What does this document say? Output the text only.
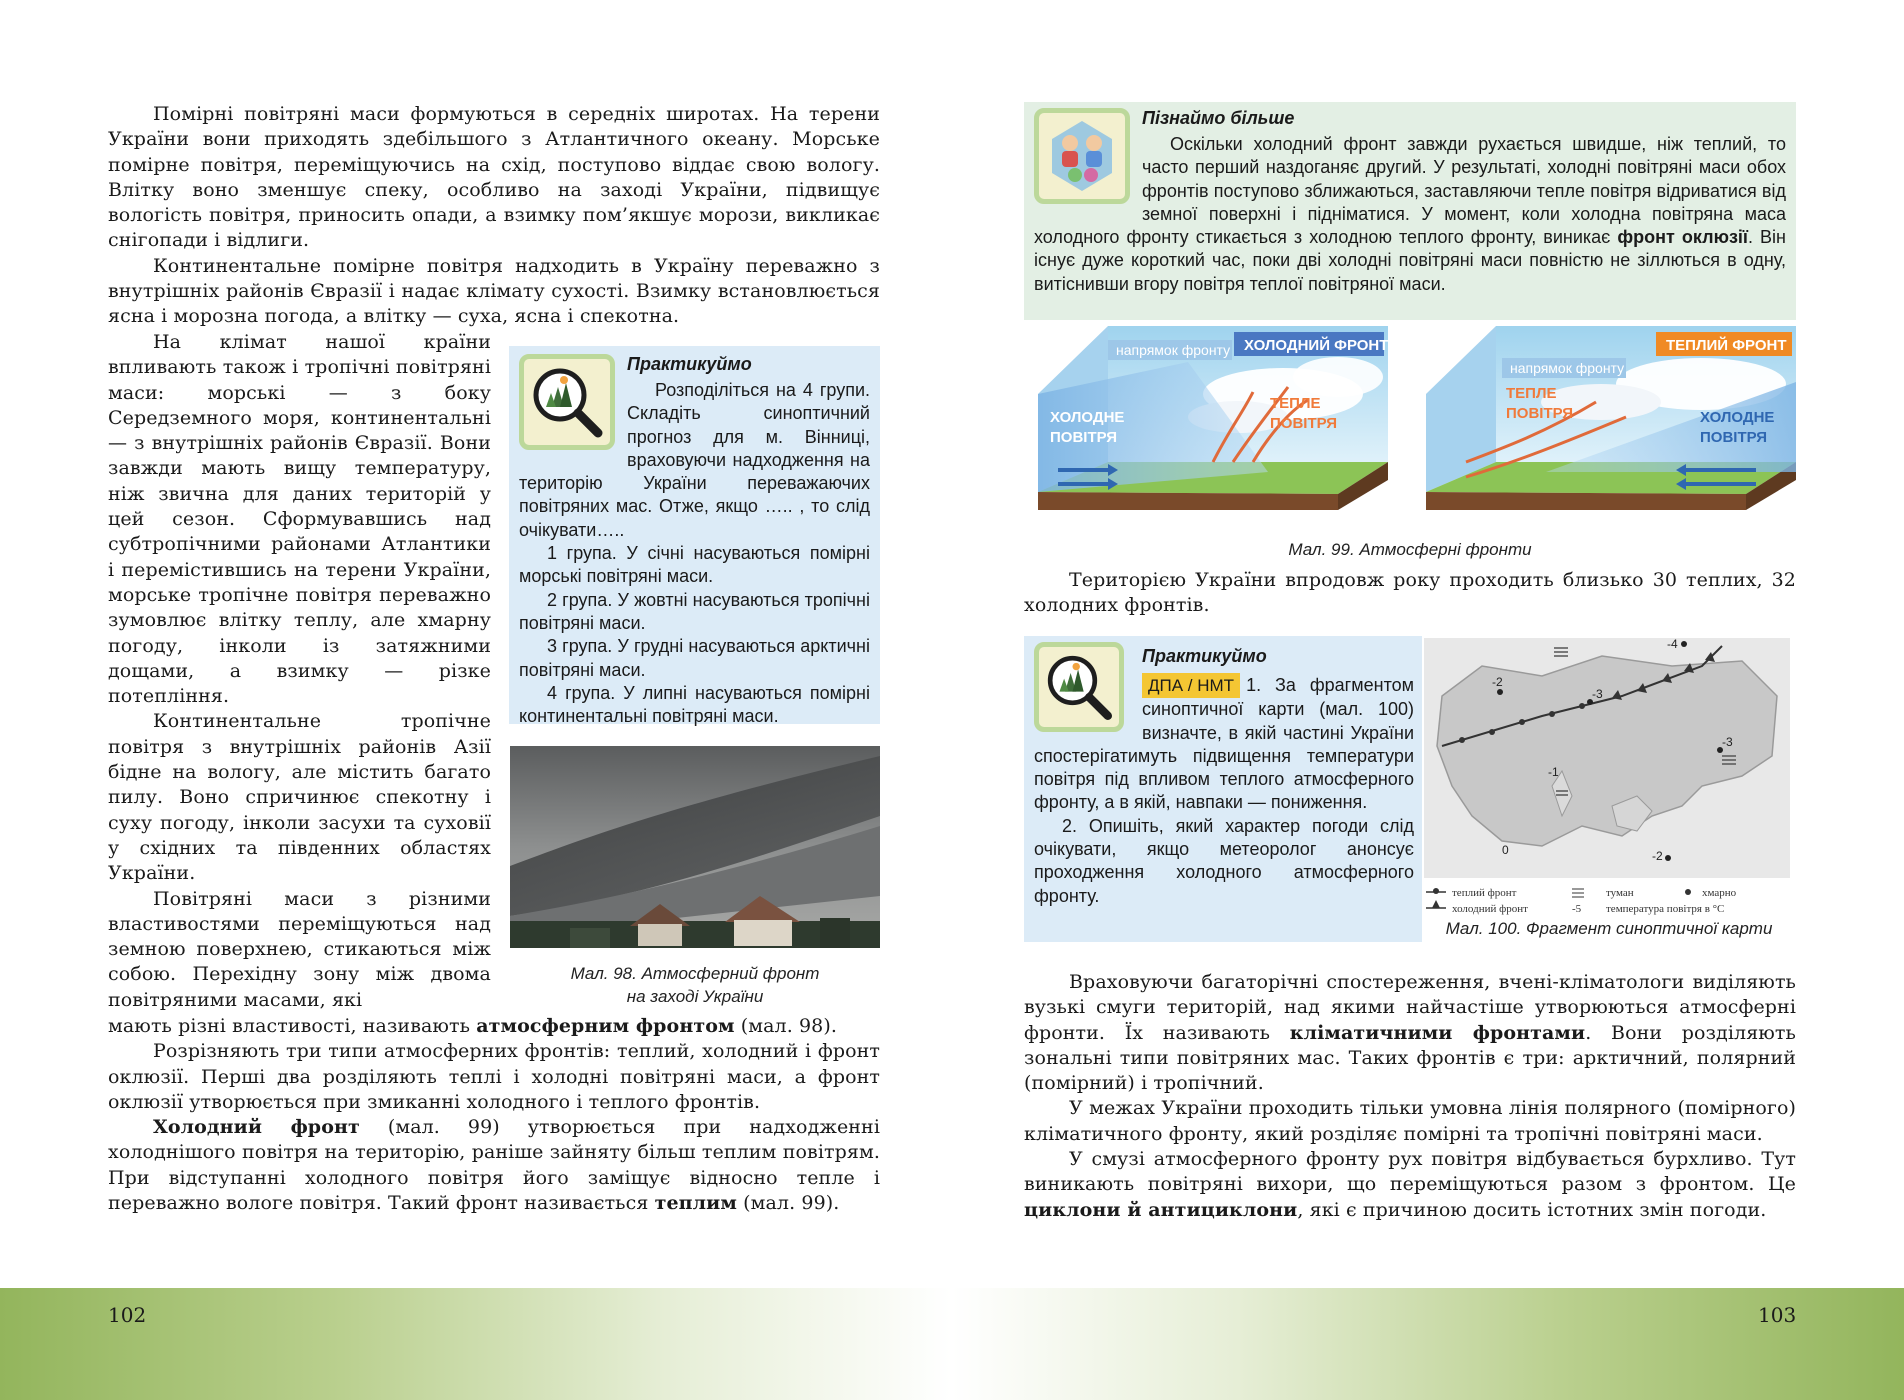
Помірні повітряні маси формуються в середніх широтах. На терени України вони приходять здебільшого з Атлантичного океану. Морське помірне повітря, переміщуючись на схід, поступово віддає свою вологу. Влітку воно зменшує спеку, особливо на заході України, підвищує вологість повітря, приносить опади, а взимку пом’якшує морози, викликає снігопади і відлиги.

Континентальне помірне повітря надходить в Україну переважно з внутрішніх районів Євразії і надає клімату сухості. Взимку встановлюється ясна і морозна погода, а влітку — суха, ясна і спекотна.

На клімат нашої країни впливають також і тропічні повітряні маси: морські — з боку Середземного моря, континентальні — з внутрішніх районів Євразії. Вони завжди мають вищу температуру, ніж звична для даних територій у цей сезон. Сформувавшись над субтропічними районами Атлантики і перемістившись на терени України, морське тропічне повітря переважно зумовлює влітку теплу, але хмарну погоду, інколи із затяжними дощами, а взимку — різке потепління.

Континентальне тропічне повітря з внутрішніх районів Азії бідне на вологу, але містить багато пилу. Воно спричинює спекотну і суху погоду, інколи засухи та суховії у східних та південних областях України.

Повітряні маси з різними властивостями переміщуються над земною поверхнею, стикаються між собою. Перехідну зону між двома повітряними масами, які

Практикуймо
Розподіліться на 4 групи. Складіть синоптичний прогноз для м. Вінниці, враховуючи надходження на територію України переважаючих повітряних мас. Отже, якщо ….. , то слід очікувати…..
1 група. У січні насуваються помірні морські повітряні маси.
2 група. У жовтні насуваються тропічні повітряні маси.
3 група. У грудні насуваються арктичні повітряні маси.
4 група. У липні насуваються помірні континентальні повітряні маси.
Мал. 98. Атмосферний фронт
на заході України

мають різні властивості, називають атмосферним фронтом (мал. 98).

Розрізняють три типи атмосферних фронтів: теплий, холодний і фронт оклюзії. Перші два розділяють теплі і холодні повітряні маси, а фронт оклюзії утворюється при змиканні холодного і теплого фронтів.

Холодний фронт (мал. 99) утворюється при надходженні холоднішого повітря на територію, раніше зайняту більш теплим повітрям. При відступанні холодного повітря його заміщує відносно тепле і переважно вологе повітря. Такий фронт називається теплим (мал. 99).

102
Пізнаймо більше
Оскільки холодний фронт завжди рухається швидше, ніж теплий, то часто перший наздоганяє другий. У результаті, холодні повітряні маси обох фронтів поступово зближаються, заставляючи тепле повітря відриватися від земної поверхні і підніматися. У момент, коли холодна повітряна маса холодного фронту стикається з холодною теплого фронту, виникає фронт оклюзії. Він існує дуже короткий час, поки дві холодні повітряні маси повністю не зіллються в одну, витіснивши вгору повітря теплої повітряної маси.
напрямок фронту ХОЛОДНИЙ ФРОНТ
ХОЛОДНЕ
ПОВІТРЯ
ТЕПЛЕ
ПОВІТРЯ
напрямок фронту
ТЕПЛИЙ ФРОНТ
ТЕПЛЕ
ПОВІТРЯ	ХОЛОДНЕ
ПОВІТРЯ
Мал. 99. Атмосферні фронти

Територією України впродовж року проходить близько 30 теплих, 32 холодних фронтів.

Практикуймо
ДПА / НМТ 1. За фрагментом синоптичної карти (мал. 100) визначте, в якій частині України спостерігатимуть підвищення температури повітря під впливом теплого атмосферного фронту, а в якій, навпаки — пониження.
2. Опишіть, який характер погоди слід очікувати, якщо метеоролог анонсує проходження холодного атмосферного фронту.
-2
-4
-3
-3
-1
0	-2
теплий фронт
холодний фронт
туман
-5 температура повітря в °С
хмарно
Мал. 100. Фрагмент синоптичної карти

Враховуючи багаторічні спостереження, вчені-кліматологи виділяють вузькі смуги територій, над якими найчастіше утворюються атмосферні фронти. Їх називають кліматичними фронтами. Вони розділяють зональні типи повітряних мас. Таких фронтів є три: арктичний, полярний (помірний) і тропічний.

У межах України проходить тільки умовна лінія полярного (помірного) кліматичного фронту, який розділяє помірні та тропічні повітряні маси.

У смузі атмосферного фронту рух повітря відбувається бурхливо. Тут виникають повітряні вихори, що переміщуються разом з фронтом. Це циклони й антициклони, які є причиною досить істотних змін погоди.

103
